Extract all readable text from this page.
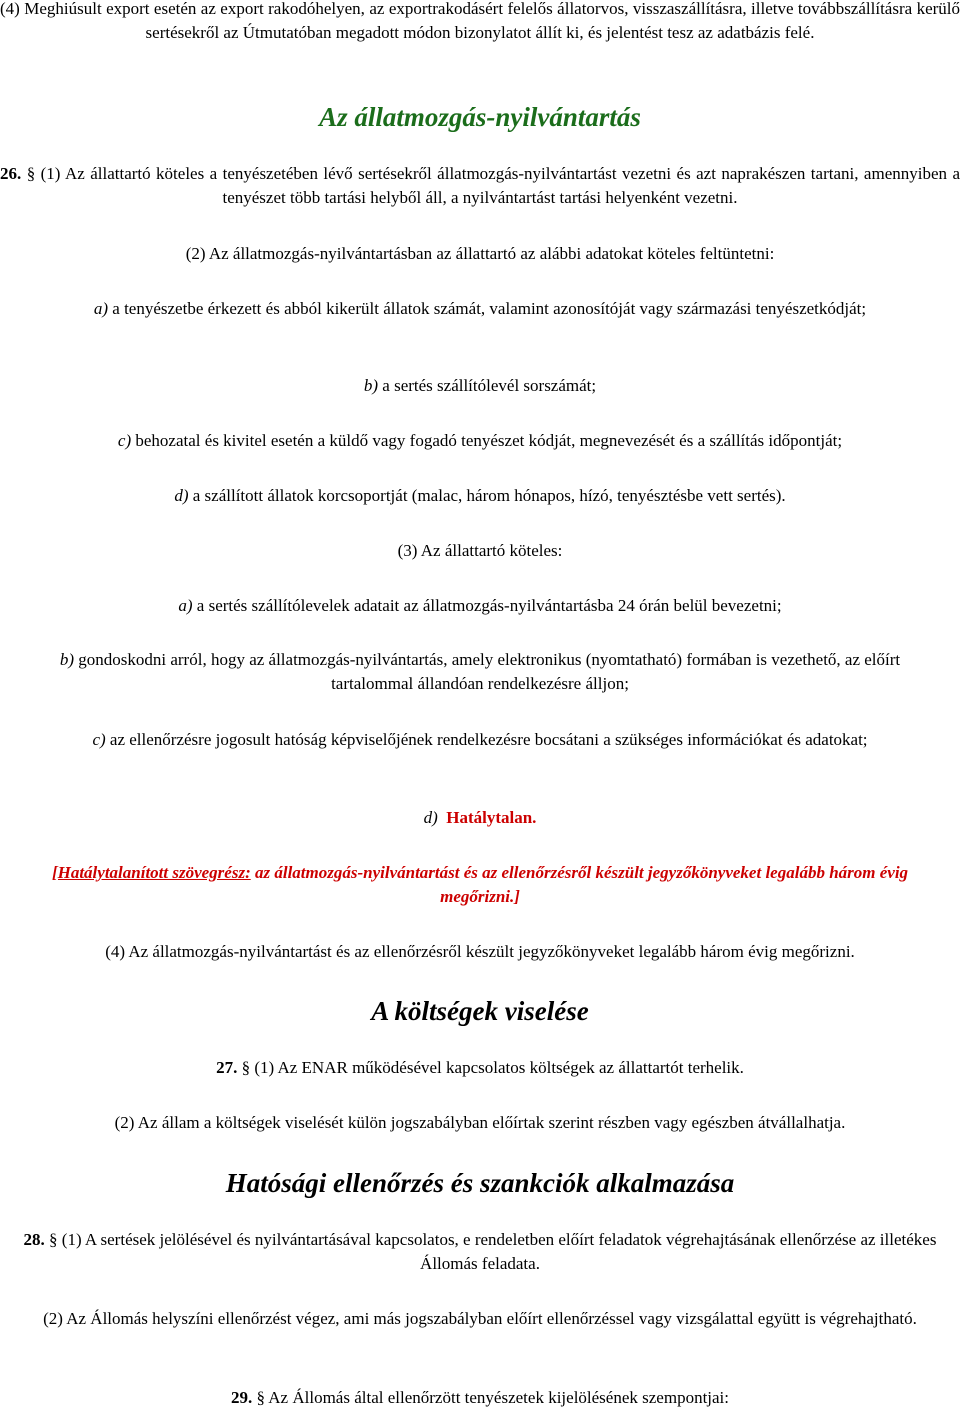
(4) Meghiúsult export esetén az export rakodóhelyen, az exportrakodásért felelős állatorvos, visszaszállításra, illetve továbbszállításra kerülő sertésekről az Útmutatóban megadott módon bizonylatot állít ki, és jelentést tesz az adatbázis felé.
Az állatmozgás-nyilvántartás
26. § (1) Az állattartó köteles a tenyészetében lévő sertésekről állatmozgás-nyilvántartást vezetni és azt naprakészen tartani, amennyiben a tenyészet több tartási helyből áll, a nyilvántartást tartási helyenként vezetni.
(2) Az állatmozgás-nyilvántartásban az állattartó az alábbi adatokat köteles feltüntetni:
a) a tenyészetbe érkezett és abból kikerült állatok számát, valamint azonosítóját vagy származási tenyészetkódját;
b) a sertés szállítólevél sorszámát;
c) behozatal és kivitel esetén a küldő vagy fogadó tenyészet kódját, megnevezését és a szállítás időpontját;
d) a szállított állatok korcsoportját (malac, három hónapos, hízó, tenyésztésbe vett sertés).
(3) Az állattartó köteles:
a) a sertés szállítólevelek adatait az állatmozgás-nyilvántartásba 24 órán belül bevezetni;
b) gondoskodni arról, hogy az állatmozgás-nyilvántartás, amely elektronikus (nyomtatható) formában is vezethető, az előírt tartalommal állandóan rendelkezésre álljon;
c) az ellenőrzésre jogosult hatóság képviselőjének rendelkezésre bocsátani a szükséges információkat és adatokat;
d) Hatálytalan.
[Hatálytalanított szövegrész: az állatmozgás-nyilvántartást és az ellenőrzésről készült jegyzőkönyveket legalább három évig megőrizni.]
(4) Az állatmozgás-nyilvántartást és az ellenőrzésről készült jegyzőkönyveket legalább három évig megőrizni.
A költségek viselése
27. § (1) Az ENAR működésével kapcsolatos költségek az állattartót terhelik.
(2) Az állam a költségek viselését külön jogszabályban előírtak szerint részben vagy egészben átvállalhatja.
Hatósági ellenőrzés és szankciók alkalmazása
28. § (1) A sertések jelölésével és nyilvántartásával kapcsolatos, e rendeletben előírt feladatok végrehajtásának ellenőrzése az illetékes Állomás feladata.
(2) Az Állomás helyszíni ellenőrzést végez, ami más jogszabályban előírt ellenőrzéssel vagy vizsgálattal együtt is végrehajtható.
29. § Az Állomás által ellenőrzött tenyészetek kijelölésének szempontjai:
